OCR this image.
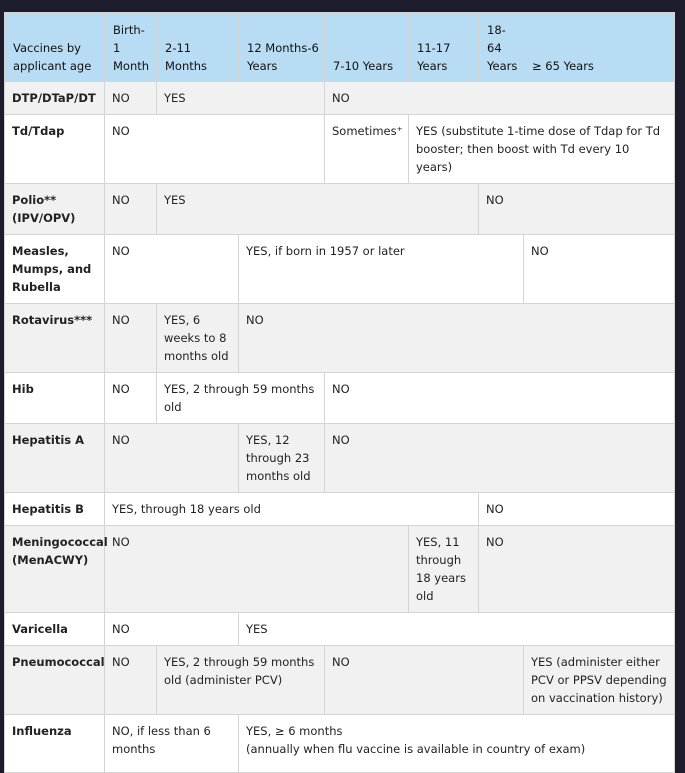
Vaccines by applicant age	Birth-1 Month	2-11 Months	12 Months-6 Years	7-10 Years	11-17 Years	18-64 Years	≥ 65 Years
DTP/DTaP/DT	NO	YES		NO			
Td/Tdap	NO			Sometimes⁺	YES (substitute 1-time dose of Tdap for Td booster; then boost with Td every 10 years)		
Polio** (IPV/OPV)	NO	YES				NO	
Measles, Mumps, and Rubella	NO		YES, if born in 1957 or later				NO
Rotavirus***	NO	YES, 6 weeks to 8 months old	NO				
Hib	NO	YES, 2 through 59 months old		NO			
Hepatitis A	NO		YES, 12 through 23 months old	NO			
Hepatitis B	YES, through 18 years old					NO	
Meningococcal (MenACWY)	NO				YES, 11 through 18 years old	NO	
Varicella	NO		YES				
Pneumococcal	NO	YES, 2 through 59 months old (administer PCV)		NO			YES (administer either PCV or PPSV depending on vaccination history)
Influenza	NO, if less than 6 months		YES, ≥ 6 months
(annually when flu vaccine is available in country of exam)				
